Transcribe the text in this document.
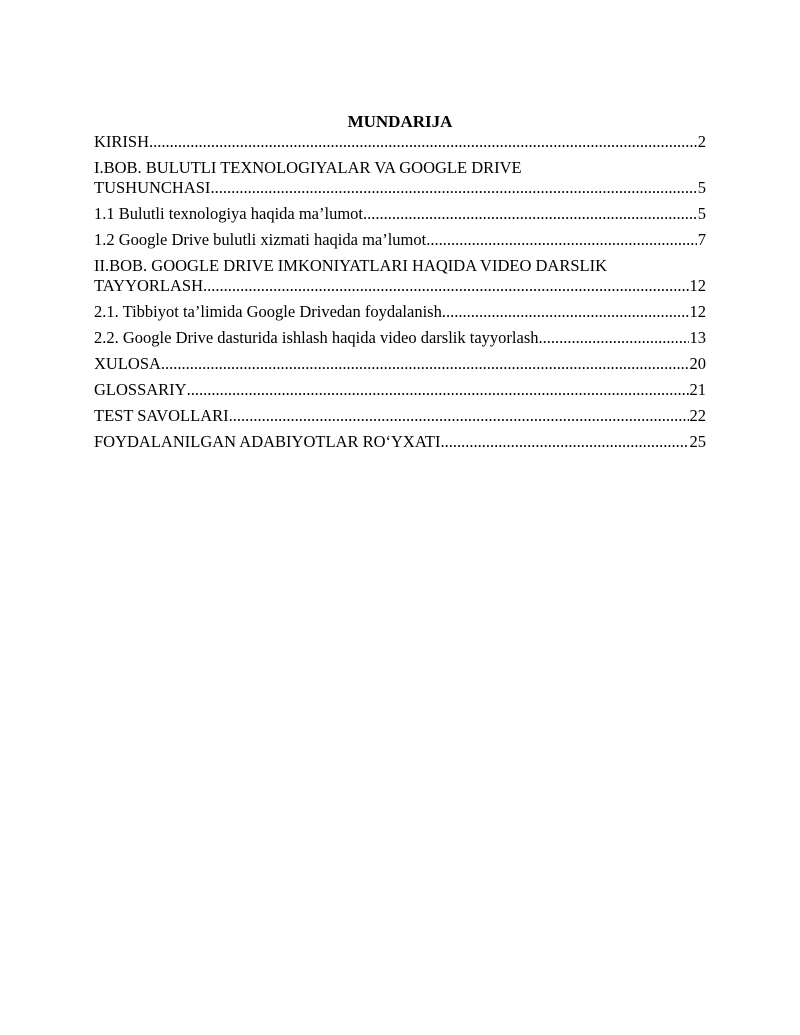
MUNDARIJA
KIRISH .....	2
I.BOB. BULUTLI TEXNOLOGIYALAR VA GOOGLE DRIVE
TUSHUNCHASI .....	5
1.1 Bulutli texnologiya haqida ma’lumot .....	5
1.2 Google Drive bulutli xizmati haqida ma’lumot .....	7
II.BOB. GOOGLE DRIVE IMKONIYATLARI HAQIDA VIDEO DARSLIK
TAYYORLASH .....	12
2.1. Tibbiyot ta’limida Google Drivedan foydalanish .....	12
2.2. Google Drive dasturida ishlash haqida video darslik tayyorlash .....	13
XULOSA .....	20
GLOSSARIY .....	21
TEST SAVOLLARI .....	22
FOYDALANILGAN ADABIYOTLAR RO‘YXATI .....	25
